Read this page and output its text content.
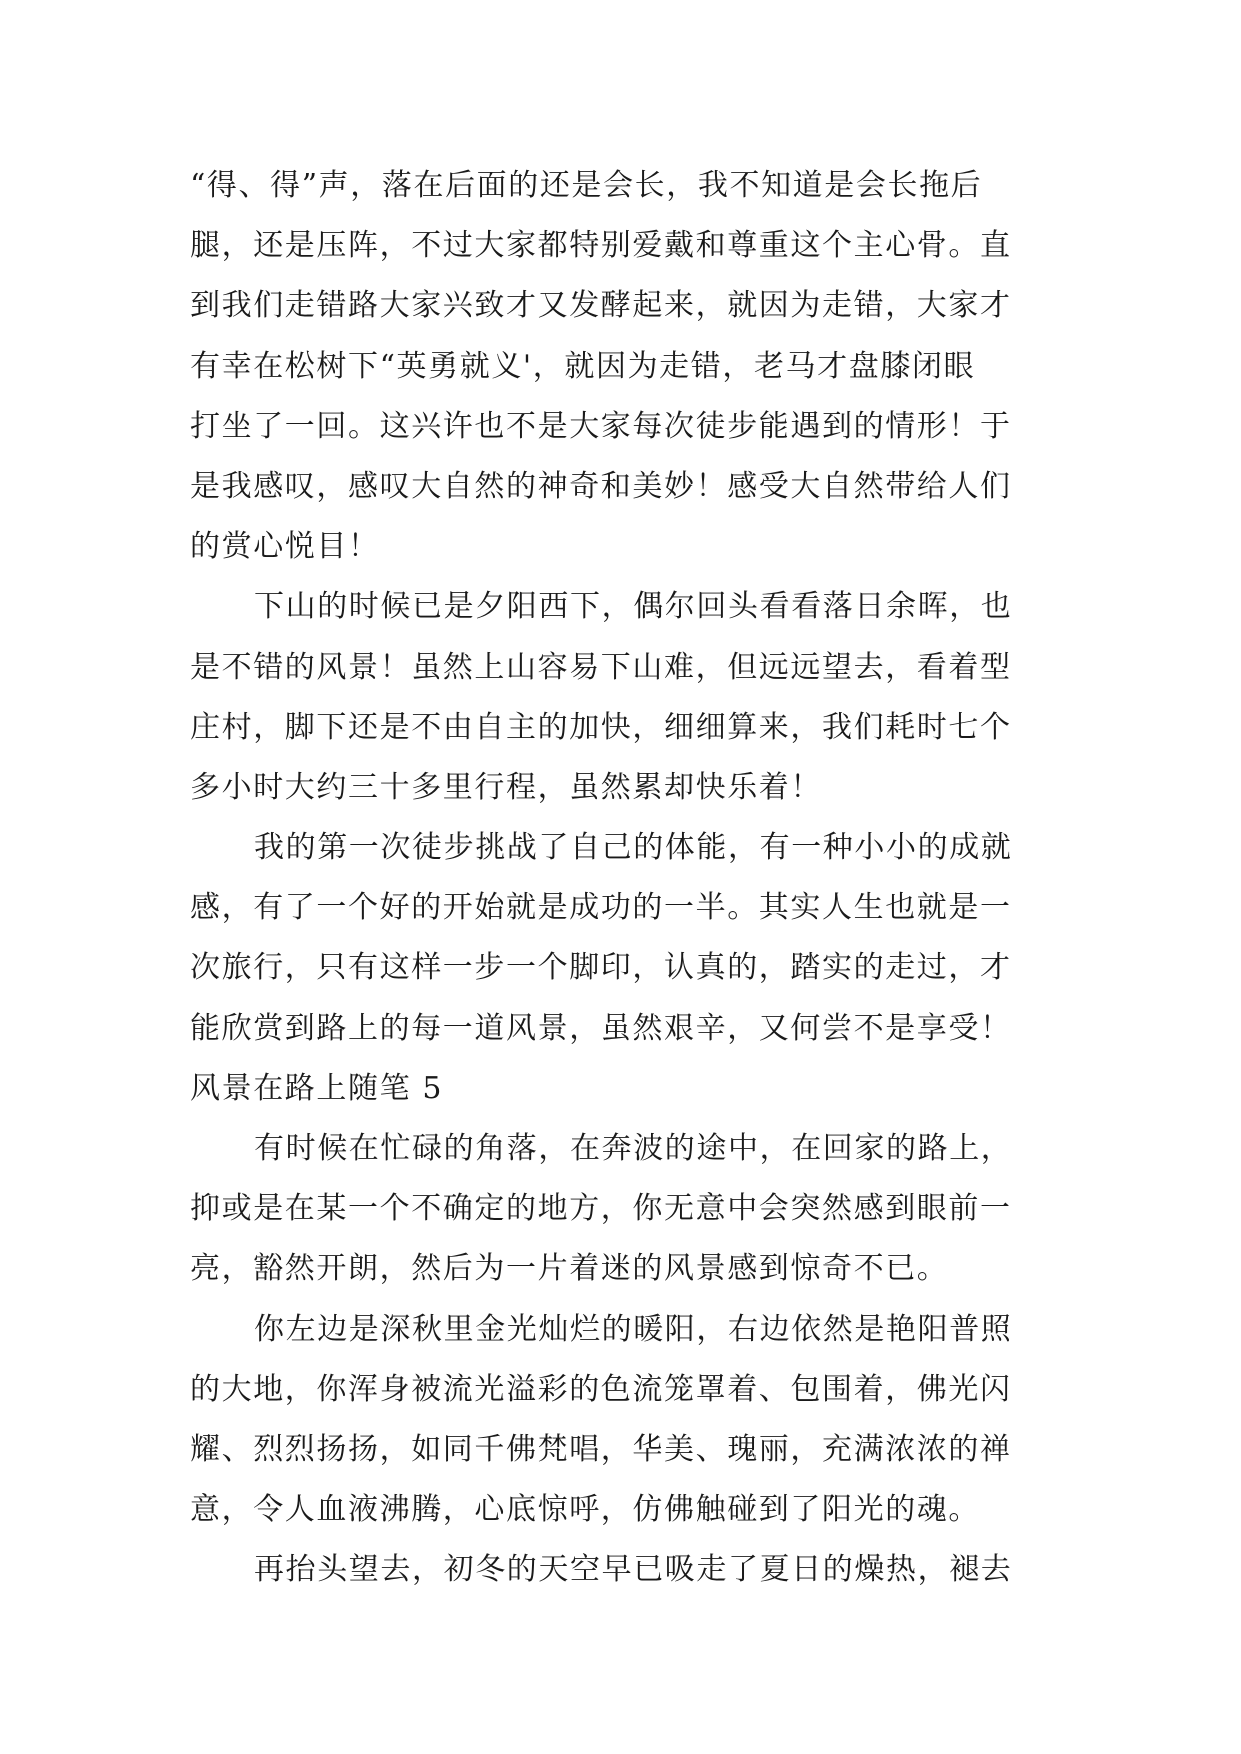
“得、得”声，落在后面的还是会长，我不知道是会长拖后
腿，还是压阵，不过大家都特别爱戴和尊重这个主心骨。直
到我们走错路大家兴致才又发酵起来，就因为走错，大家才
有幸在松树下“英勇就义'，就因为走错，老马才盘膝闭眼
打坐了一回。这兴许也不是大家每次徒步能遇到的情形！于
是我感叹，感叹大自然的神奇和美妙！感受大自然带给人们
的赏心悦目！
下山的时候已是夕阳西下，偶尔回头看看落日余晖，也
是不错的风景！虽然上山容易下山难，但远远望去，看着型
庄村，脚下还是不由自主的加快，细细算来，我们耗时七个
多小时大约三十多里行程，虽然累却快乐着！
我的第一次徒步挑战了自己的体能，有一种小小的成就
感，有了一个好的开始就是成功的一半。其实人生也就是一
次旅行，只有这样一步一个脚印，认真的，踏实的走过，才
能欣赏到路上的每一道风景，虽然艰辛，又何尝不是享受！
风景在路上随笔 5
有时候在忙碌的角落，在奔波的途中，在回家的路上，
抑或是在某一个不确定的地方，你无意中会突然感到眼前一
亮，豁然开朗，然后为一片着迷的风景感到惊奇不已。
你左边是深秋里金光灿烂的暖阳，右边依然是艳阳普照
的大地，你浑身被流光溢彩的色流笼罩着、包围着，佛光闪
耀、烈烈扬扬，如同千佛梵唱，华美、瑰丽，充满浓浓的禅
意，令人血液沸腾，心底惊呼，仿佛触碰到了阳光的魂。
再抬头望去，初冬的天空早已吸走了夏日的燥热，褪去
